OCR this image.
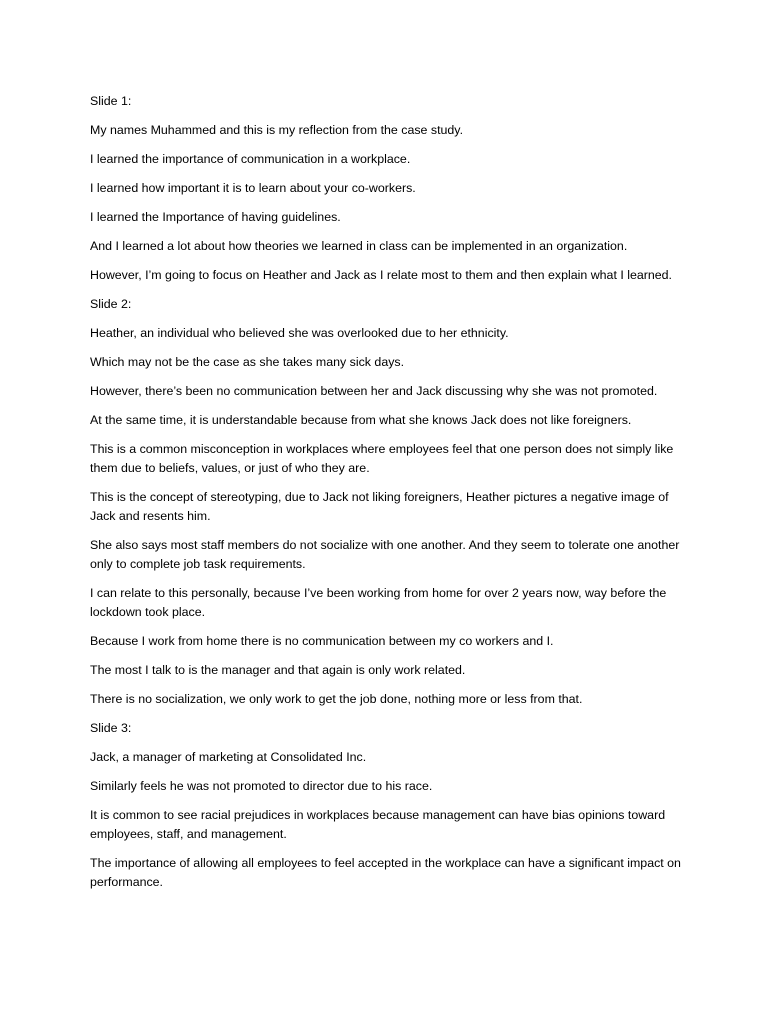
Slide 1:

My names Muhammed and this is my reflection from the case study.

I learned the importance of communication in a workplace.

I learned how important it is to learn about your co-workers.

I learned the Importance of having guidelines.

And I learned a lot about how theories we learned in class can be implemented in an organization.

However, I’m going to focus on Heather and Jack as I relate most to them and then explain what I learned.

Slide 2:

Heather, an individual who believed she was overlooked due to her ethnicity.

Which may not be the case as she takes many sick days.

However, there’s been no communication between her and Jack discussing why she was not promoted.

At the same time, it is understandable because from what she knows Jack does not like foreigners.

This is a common misconception in workplaces where employees feel that one person does not simply like them due to beliefs, values, or just of who they are.

This is the concept of stereotyping, due to Jack not liking foreigners, Heather pictures a negative image of Jack and resents him.

She also says most staff members do not socialize with one another. And they seem to tolerate one another only to complete job task requirements.

I can relate to this personally, because I’ve been working from home for over 2 years now, way before the lockdown took place.

Because I work from home there is no communication between my co workers and I.

The most I talk to is the manager and that again is only work related.

There is no socialization, we only work to get the job done, nothing more or less from that.

Slide 3:

Jack, a manager of marketing at Consolidated Inc.

Similarly feels he was not promoted to director due to his race.

It is common to see racial prejudices in workplaces because management can have bias opinions toward employees, staff, and management.

The importance of allowing all employees to feel accepted in the workplace can have a significant impact on performance.
